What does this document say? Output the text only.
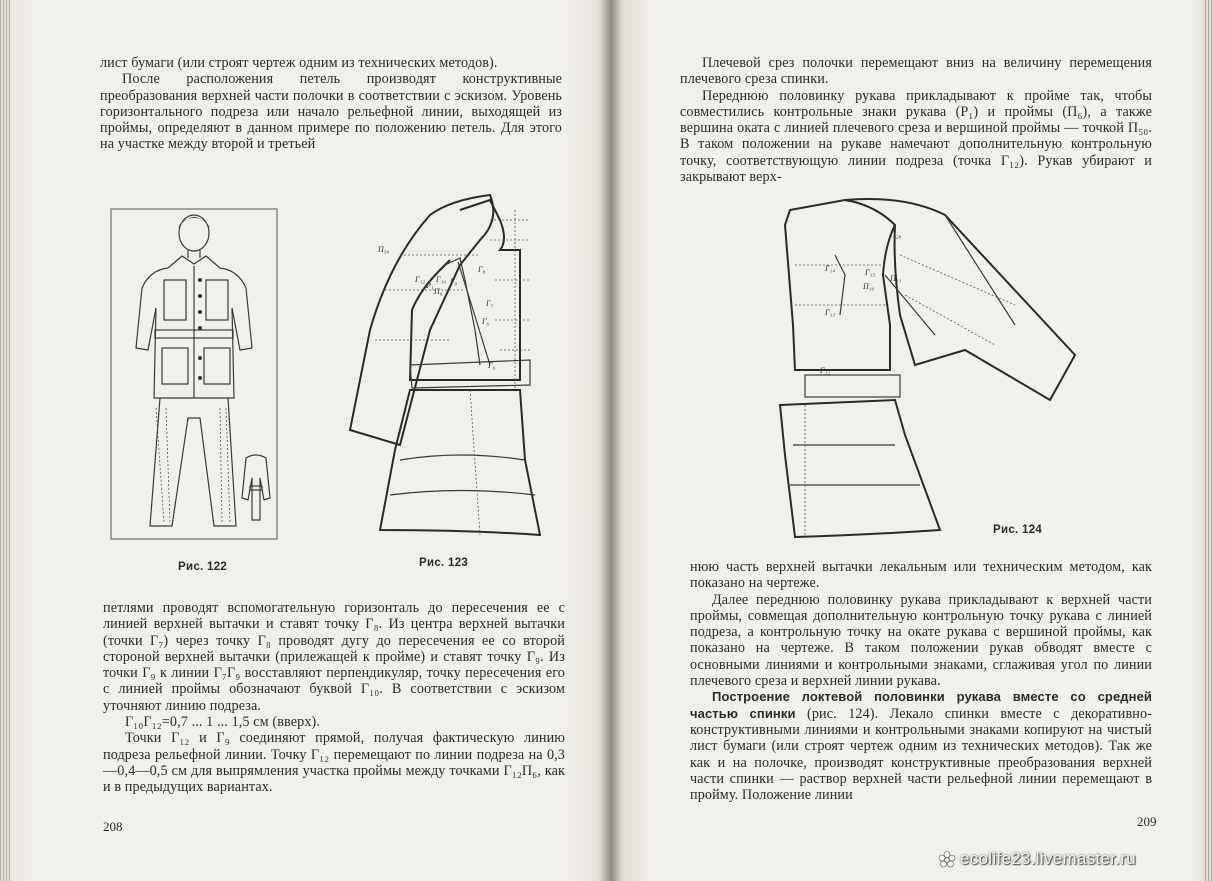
лист бумаги (или строят чертеж одним из технических методов).

После расположения петель производят конструктивные преобразования верхней части полочки в соответствии с эскизом. Уровень горизонтального подреза или начало рельефной линии, выходящей из проймы, определяют в данном примере по положению петель. Для этого на участке между второй и третьей

Рис. 122
П₅₀
Г₁₂
Р₁
Г₁₀ Г₉
Г₈
Г₇
Г₆
П₆
Г₆
Рис. 123

петлями проводят вспомогательную горизонталь до пересечения ее с линией верхней вытачки и ставят точку Г₈. Из центра верхней вытачки (точки Г₇) через точку Г₈ проводят дугу до пересечения ее со второй стороной верхней вытачки (прилежащей к пройме) и ставят точку Г₉. Из точки Г₉ к линии Г₇Г₉ восставляют перпендикуляр, точку пересечения его с линией проймы обозначают буквой Г₁₀. В соответствии с эскизом уточняют линию подреза.

Г₁₀Г₁₂=0,7 ... 1 ... 1,5 см (вверх).

Точки Г₁₂ и Г₉ соединяют прямой, получая фактическую линию подреза рельефной линии. Точку Г₁₂ перемещают по линии подреза на 0,3—0,4—0,5 см для выпрямления участка проймы между точками Г₁₂П₆, как и в предыдущих вариантах.

208

Плечевой срез полочки перемещают вниз на величину перемещения плечевого среза спинки.

Переднюю половинку рукава прикладывают к пройме так, чтобы совместились контрольные знаки рукава (Р₁) и проймы (П₆), а также вершина оката с линией плечевого среза и вершиной проймы — точкой П₅₀. В таком положении на рукаве намечают дополнительную контрольную точку, соответствующую линии подреза (точка Г₁₂). Рукав убирают и закрывают верх-

П₂₈
Г₁₄	Г₁₅
П₁₀
П₁₁
Г₁₃
Г₁₁
Рис. 124

нюю часть верхней вытачки лекальным или техническим методом, как показано на чертеже.

Далее переднюю половинку рукава прикладывают к верхней части проймы, совмещая дополнительную контрольную точку рукава с линией подреза, а контрольную точку на окате рукава с вершиной проймы, как показано на чертеже. В таком положении рукав обводят вместе с основными линиями и контрольными знаками, сглаживая угол по линии плечевого среза и верхней линии рукава.

Построение локтевой половинки рукава вместе со средней частью спинки (рис. 124). Лекало спинки вместе с декоративно-конструктивными линиями и контрольными знаками копируют на чистый лист бумаги (или строят чертеж одним из технических методов). Так же как и на полочке, производят конструктивные преобразования верхней части спинки — раствор верхней части рельефной линии перемещают в пройму. Положение линии

209
ecolife23.livemaster.ru
